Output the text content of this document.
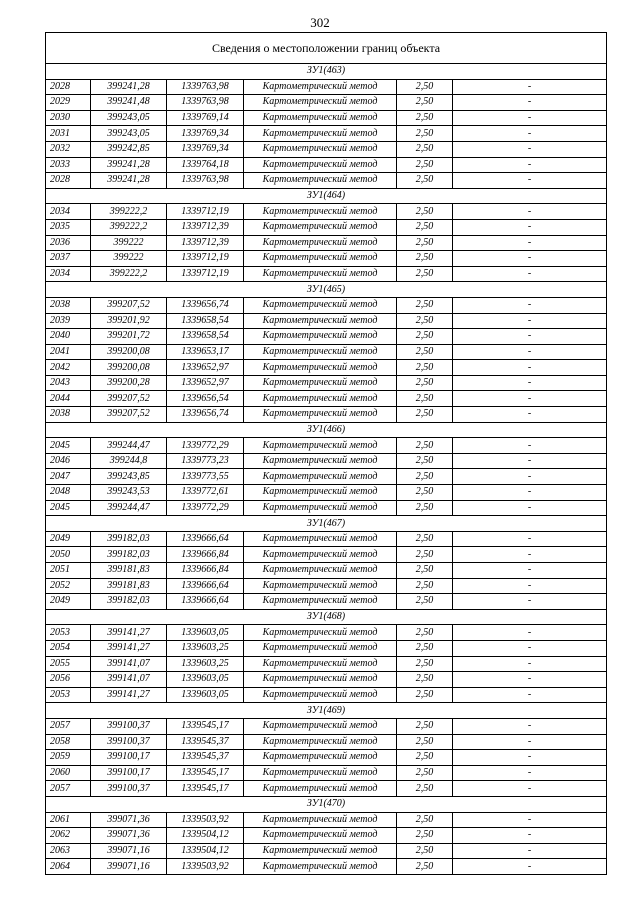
302
Сведения о местоположении границ объекта					
ЗУ1(463)					
2028	399241,28	1339763,98	Картометрический метод	2,50	-
2029	399241,48	1339763,98	Картометрический метод	2,50	-
2030	399243,05	1339769,14	Картометрический метод	2,50	-
2031	399243,05	1339769,34	Картометрический метод	2,50	-
2032	399242,85	1339769,34	Картометрический метод	2,50	-
2033	399241,28	1339764,18	Картометрический метод	2,50	-
2028	399241,28	1339763,98	Картометрический метод	2,50	-
ЗУ1(464)					
2034	399222,2	1339712,19	Картометрический метод	2,50	-
2035	399222,2	1339712,39	Картометрический метод	2,50	-
2036	399222	1339712,39	Картометрический метод	2,50	-
2037	399222	1339712,19	Картометрический метод	2,50	-
2034	399222,2	1339712,19	Картометрический метод	2,50	-
ЗУ1(465)					
2038	399207,52	1339656,74	Картометрический метод	2,50	-
2039	399201,92	1339658,54	Картометрический метод	2,50	-
2040	399201,72	1339658,54	Картометрический метод	2,50	-
2041	399200,08	1339653,17	Картометрический метод	2,50	-
2042	399200,08	1339652,97	Картометрический метод	2,50	-
2043	399200,28	1339652,97	Картометрический метод	2,50	-
2044	399207,52	1339656,54	Картометрический метод	2,50	-
2038	399207,52	1339656,74	Картометрический метод	2,50	-
ЗУ1(466)					
2045	399244,47	1339772,29	Картометрический метод	2,50	-
2046	399244,8	1339773,23	Картометрический метод	2,50	-
2047	399243,85	1339773,55	Картометрический метод	2,50	-
2048	399243,53	1339772,61	Картометрический метод	2,50	-
2045	399244,47	1339772,29	Картометрический метод	2,50	-
ЗУ1(467)					
2049	399182,03	1339666,64	Картометрический метод	2,50	-
2050	399182,03	1339666,84	Картометрический метод	2,50	-
2051	399181,83	1339666,84	Картометрический метод	2,50	-
2052	399181,83	1339666,64	Картометрический метод	2,50	-
2049	399182,03	1339666,64	Картометрический метод	2,50	-
ЗУ1(468)					
2053	399141,27	1339603,05	Картометрический метод	2,50	-
2054	399141,27	1339603,25	Картометрический метод	2,50	-
2055	399141,07	1339603,25	Картометрический метод	2,50	-
2056	399141,07	1339603,05	Картометрический метод	2,50	-
2053	399141,27	1339603,05	Картометрический метод	2,50	-
ЗУ1(469)					
2057	399100,37	1339545,17	Картометрический метод	2,50	-
2058	399100,37	1339545,37	Картометрический метод	2,50	-
2059	399100,17	1339545,37	Картометрический метод	2,50	-
2060	399100,17	1339545,17	Картометрический метод	2,50	-
2057	399100,37	1339545,17	Картометрический метод	2,50	-
ЗУ1(470)					
2061	399071,36	1339503,92	Картометрический метод	2,50	-
2062	399071,36	1339504,12	Картометрический метод	2,50	-
2063	399071,16	1339504,12	Картометрический метод	2,50	-
2064	399071,16	1339503,92	Картометрический метод	2,50	-
